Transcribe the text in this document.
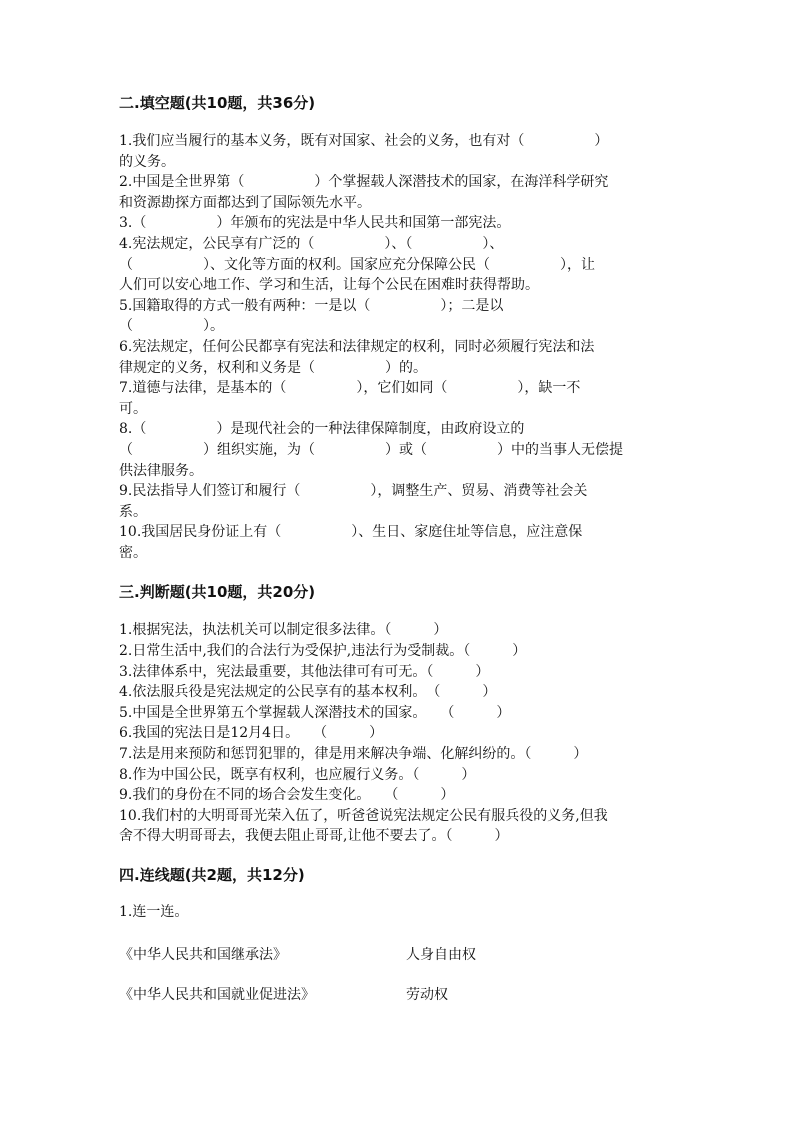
二.填空题(共10题，共36分)

1.我们应当履行的基本义务，既有对国家、社会的义务，也有对（　　　　　）
的义务。

2.中国是全世界第（　　　　　）个掌握载人深潜技术的国家，在海洋科学研究
和资源勘探方面都达到了国际领先水平。

3.（　　　　　）年颁布的宪法是中华人民共和国第一部宪法。

4.宪法规定，公民享有广泛的（　　　　　）、（　　　　　）、
（　　　　　）、文化等方面的权利。国家应充分保障公民（　　　　　），让
人们可以安心地工作、学习和生活，让每个公民在困难时获得帮助。

5.国籍取得的方式一般有两种：一是以（　　　　　）；二是以
（　　　　　）。

6.宪法规定，任何公民都享有宪法和法律规定的权利，同时必须履行宪法和法
律规定的义务，权利和义务是（　　　　　）的。

7.道德与法律，是基本的（　　　　　），它们如同（　　　　　），缺一不
可。

8.（　　　　　）是现代社会的一种法律保障制度，由政府设立的
（　　　　　）组织实施，为（　　　　　）或（　　　　　）中的当事人无偿提
供法律服务。

9.民法指导人们签订和履行（　　　　　），调整生产、贸易、消费等社会关
系。

10.我国居民身份证上有（　　　　　）、生日、家庭住址等信息，应注意保
密。

三.判断题(共10题，共20分)

1.根据宪法，执法机关可以制定很多法律。（　　　）

2.日常生活中,我们的合法行为受保护,违法行为受制裁。（　　　）

3.法律体系中，宪法最重要，其他法律可有可无。（　　　）

4.依法服兵役是宪法规定的公民享有的基本权利。　（　　　）

5.中国是全世界第五个掌握载人深潜技术的国家。　　（　　　）

6.我国的宪法日是12月4日。　　（　　　）

7.法是用来预防和惩罚犯罪的，律是用来解决争端、化解纠纷的。（　　　）

8.作为中国公民，既享有权利，也应履行义务。（　　　）

9.我们的身份在不同的场合会发生变化。　　（　　　）

10.我们村的大明哥哥光荣入伍了，听爸爸说宪法规定公民有服兵役的义务,但我
舍不得大明哥哥去，我便去阻止哥哥,让他不要去了。（　　　）

四.连线题(共2题，共12分)

1.连一连。

《中华人民共和国继承法》	人身自由权
《中华人民共和国就业促进法》	劳动权
